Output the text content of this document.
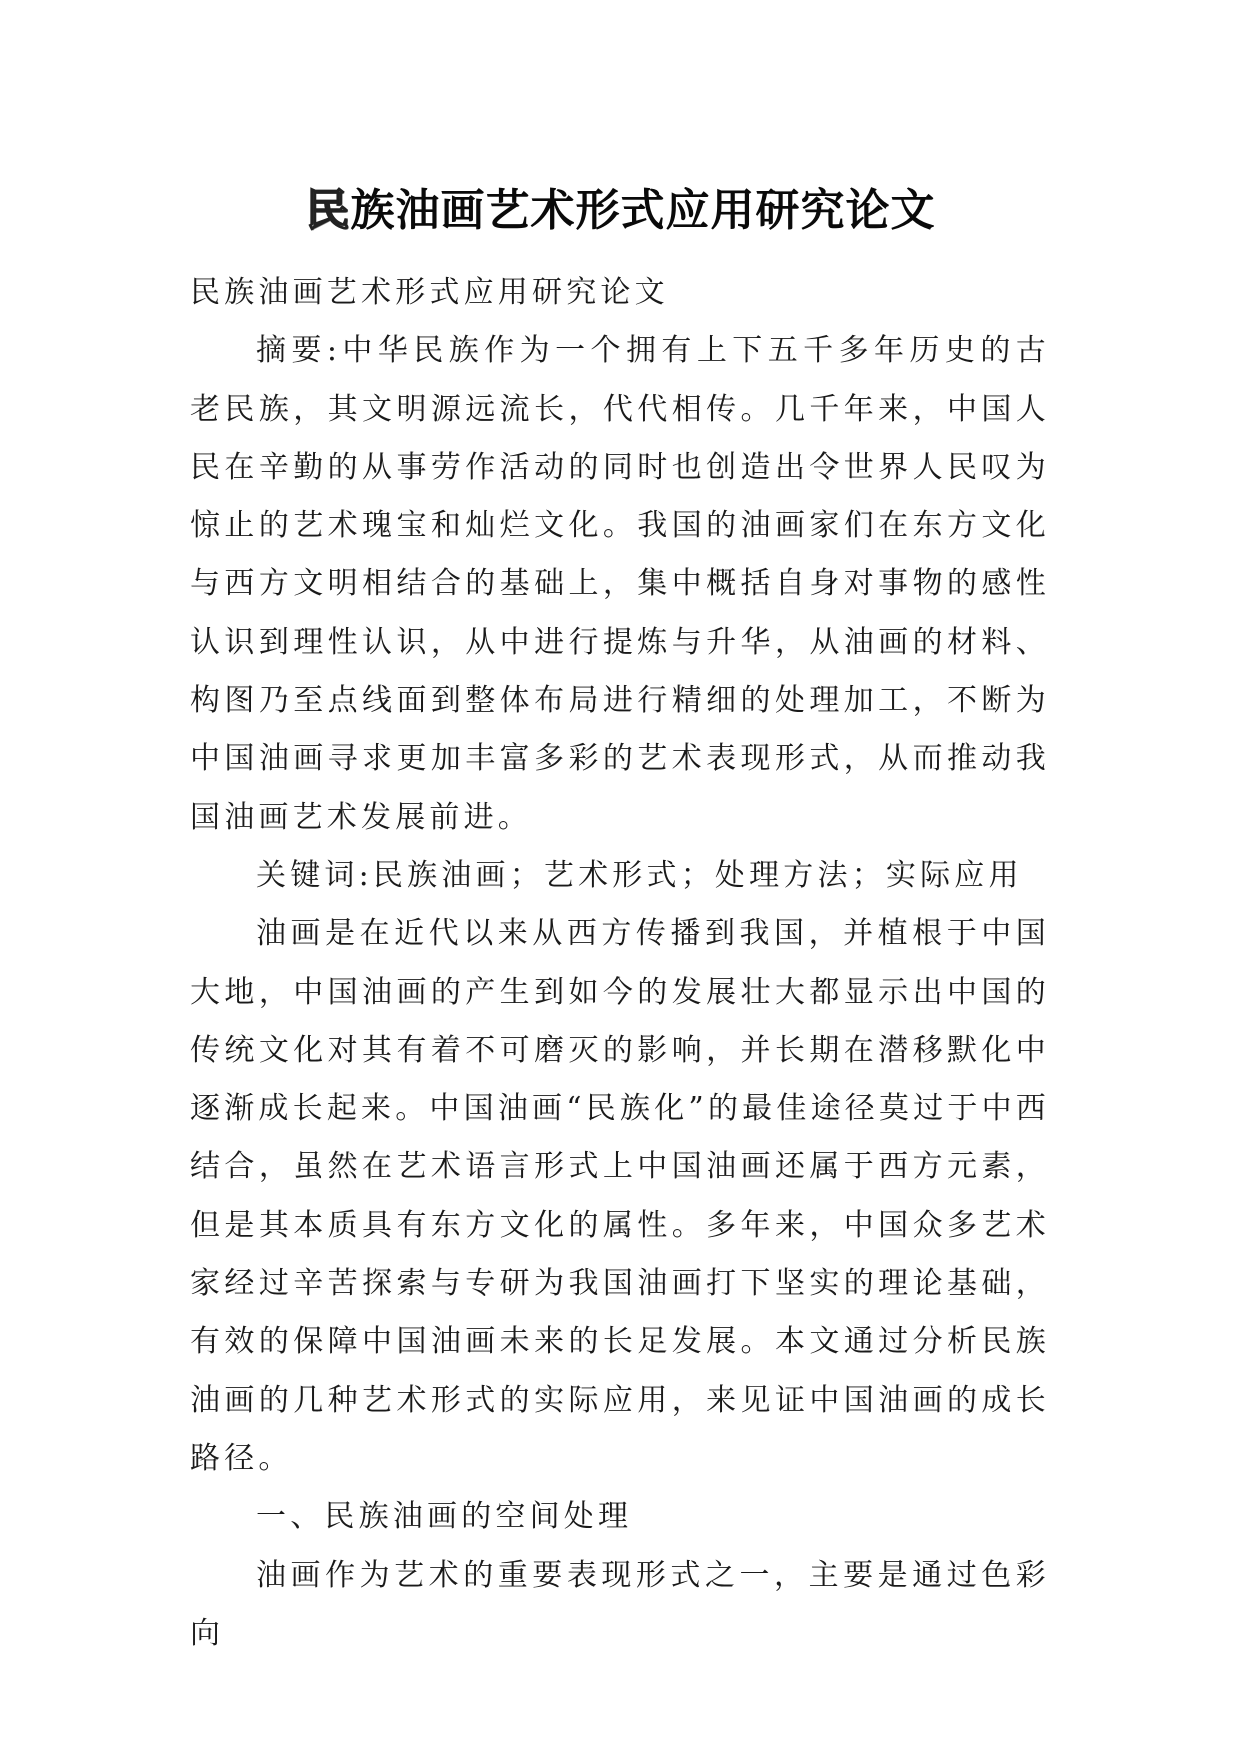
民族油画艺术形式应用研究论文

民族油画艺术形式应用研究论文

摘要:中华民族作为一个拥有上下五千多年历史的古老民族，其文明源远流长，代代相传。几千年来，中国人民在辛勤的从事劳作活动的同时也创造出令世界人民叹为惊止的艺术瑰宝和灿烂文化。我国的油画家们在东方文化与西方文明相结合的基础上，集中概括自身对事物的感性认识到理性认识，从中进行提炼与升华，从油画的材料、构图乃至点线面到整体布局进行精细的处理加工，不断为中国油画寻求更加丰富多彩的艺术表现形式，从而推动我国油画艺术发展前进。

关键词:民族油画；艺术形式；处理方法；实际应用

油画是在近代以来从西方传播到我国，并植根于中国大地，中国油画的产生到如今的发展壮大都显示出中国的传统文化对其有着不可磨灭的影响，并长期在潜移默化中逐渐成长起来。中国油画“民族化”的最佳途径莫过于中西结合，虽然在艺术语言形式上中国油画还属于西方元素，但是其本质具有东方文化的属性。多年来，中国众多艺术家经过辛苦探索与专研为我国油画打下坚实的理论基础，有效的保障中国油画未来的长足发展。本文通过分析民族油画的几种艺术形式的实际应用，来见证中国油画的成长路径。

一、民族油画的空间处理

油画作为艺术的重要表现形式之一，主要是通过色彩向
